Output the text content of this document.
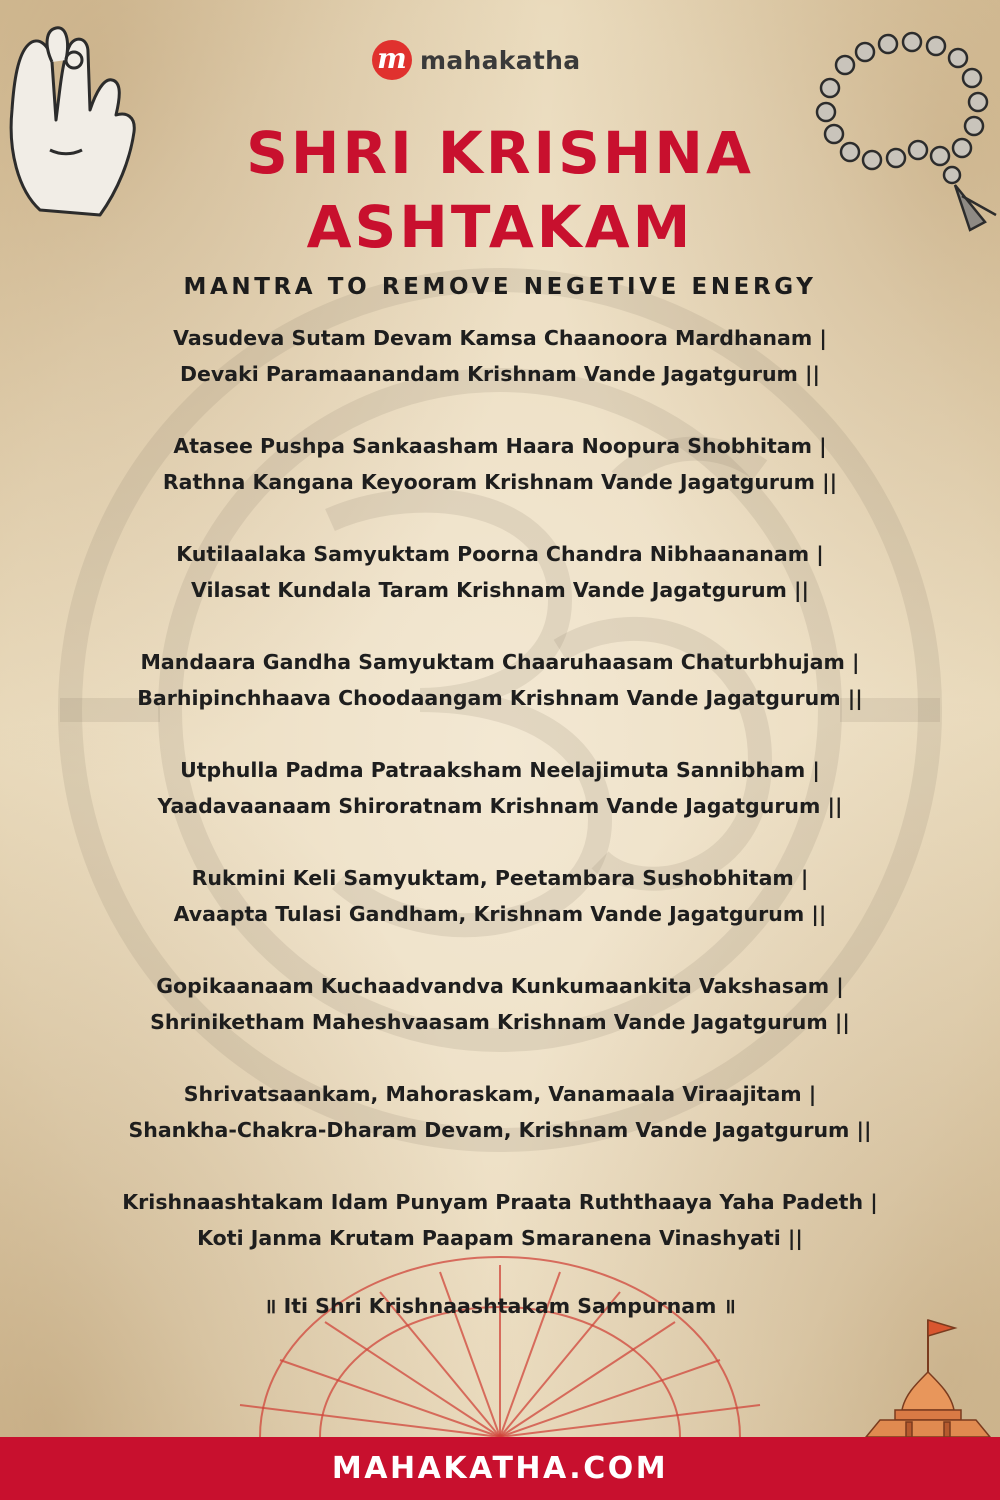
m mahakatha
SHRI KRISHNA
ASHTAKAM
MANTRA TO REMOVE NEGETIVE ENERGY
Vasudeva Sutam Devam Kamsa Chaanoora Mardhanam |
Devaki Paramaanandam Krishnam Vande Jagatgurum ||
Atasee Pushpa Sankaasham Haara Noopura Shobhitam |
Rathna Kangana Keyooram Krishnam Vande Jagatgurum ||
Kutilaalaka Samyuktam Poorna Chandra Nibhaananam |
Vilasat Kundala Taram Krishnam Vande Jagatgurum ||
Mandaara Gandha Samyuktam Chaaruhaasam Chaturbhujam |
Barhipinchhaava Choodaangam Krishnam Vande Jagatgurum ||
Utphulla Padma Patraaksham Neelajimuta Sannibham |
Yaadavaanaam Shiroratnam Krishnam Vande Jagatgurum ||
Rukmini Keli Samyuktam, Peetambara Sushobhitam |
Avaapta Tulasi Gandham, Krishnam Vande Jagatgurum ||
Gopikaanaam Kuchaadvandva Kunkumaankita Vakshasam |
Shriniketham Maheshvaasam Krishnam Vande Jagatgurum ||
Shrivatsaankam, Mahoraskam, Vanamaala Viraajitam |
Shankha-Chakra-Dharam Devam, Krishnam Vande Jagatgurum ||
Krishnaashtakam Idam Punyam Praata Ruththaaya Yaha Padeth |
Koti Janma Krutam Paapam Smaranena Vinashyati ||
॥ Iti Shri Krishnaashtakam Sampurnam ॥
MAHAKATHA.COM
